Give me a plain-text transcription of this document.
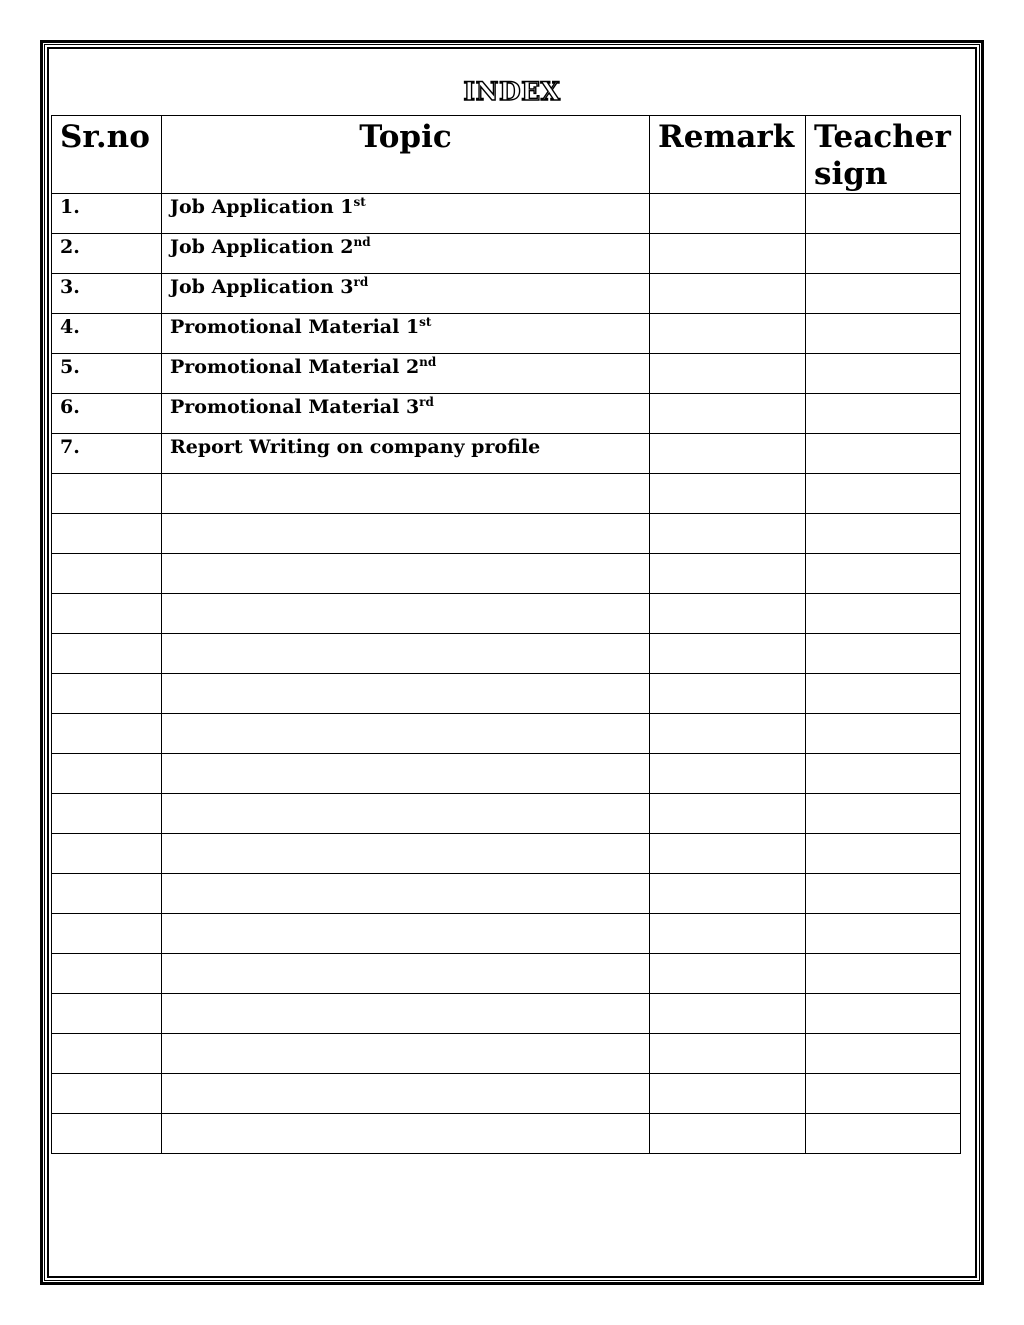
INDEX
Sr.no	Topic	Remark	Teacher sign
1.	Job Application 1st		
2.	Job Application 2nd		
3.	Job Application 3rd		
4.	Promotional Material 1st		
5.	Promotional Material 2nd		
6.	Promotional Material 3rd		
7.	Report Writing on company profile		
